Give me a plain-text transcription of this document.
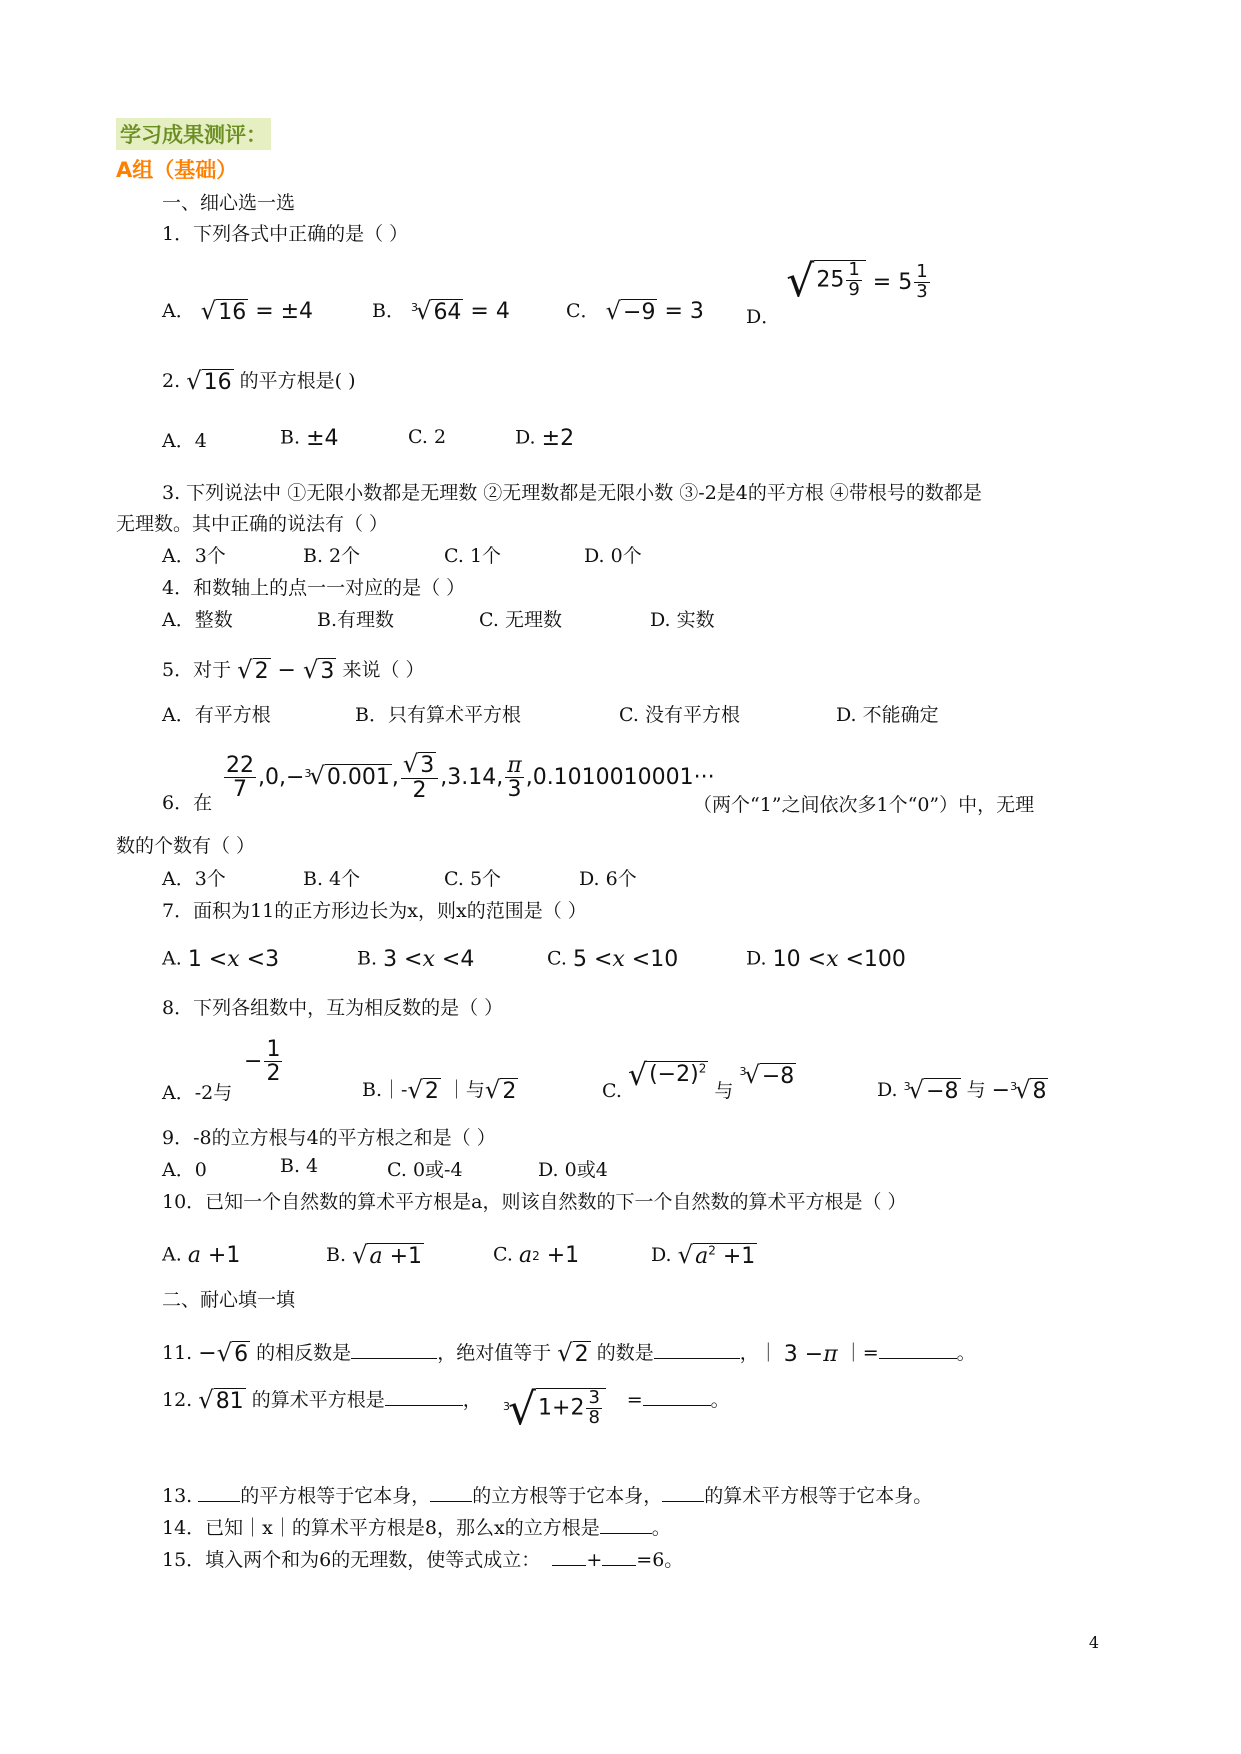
学习成果测评：
A组（基础）
一、细心选一选
1．下列各式中正确的是（ ）
A． √ 16 = ±4	B． 3
√ 64 = 4	C． √ −9 = 3 D．
√ $25 \frac{1}{9} = 5 \frac{1}{3}$
2. √ 16 的平方根是( )
A．4	B. ±4	C. 2	D. ±2
3. 下列说法中 ①无限小数都是无理数 ②无理数都是无限小数 ③-2是4的平方根 ④带根号的数都是
无理数。其中正确的说法有（ ）
A．3个	B. 2个	C. 1个	D. 0个
4．和数轴上的点一一对应的是（ ）
A．整数	B.有理数	C. 无理数	D. 实数
5．对于 √ 2 − √ 3 来说（ ）
A．有平方根	B．只有算术平方根	C. 没有平方根	D. 不能确定
6．在
$\frac{22}{7} ,0,- 3$
√ 0.001 , $\frac{√ 3}{2} ,3.14$, $\frac{\pi}{3} ,0.1010010001\cdot\cdot\cdot$
（两个“1”之间依次多1个“0”）中，无理
数的个数有（ ）
A．3个	B. 4个	C. 5个	D. 6个
7．面积为11的正方形边长为x，则x的范围是（ ）
A. 1 < x <3	B. 3 < x <4	C. 5 < x <10	D. 10 < x <100
8．下列各组数中，互为相反数的是（ ）
A．-2与
− $\frac{1}{2}$
B.｜- √ 2 ｜与 √ 2	C. √ $(-2)^2$
与
3
√ −8
D. 3
√ −8 与 − 3
√ 8
9．-8的立方根与4的平方根之和是（ ）
A．0	B. 4	C. 0或-4	D. 0或4
10．已知一个自然数的算术平方根是a，则该自然数的下一个自然数的算术平方根是（ ）
A. a +1	B. √ a +1	C. a 2 +1	D. √ $a^2 +1$
二、耐心填一填
11. − √ 6 的相反数是	，绝对值等于 √ 2 的数是	，｜ 3 − π ｜=	。
12. √ 81 的算术平方根是	，	=	。
3
√ $1+2 \frac{3}{8}$
13.	的平方根等于它本身， 的立方根等于它本身， 的算术平方根等于它本身。
14．已知｜x｜的算术平方根是8，那么x的立方根是	。
15．填入两个和为6的无理数，使等式成立： + =6。
4
